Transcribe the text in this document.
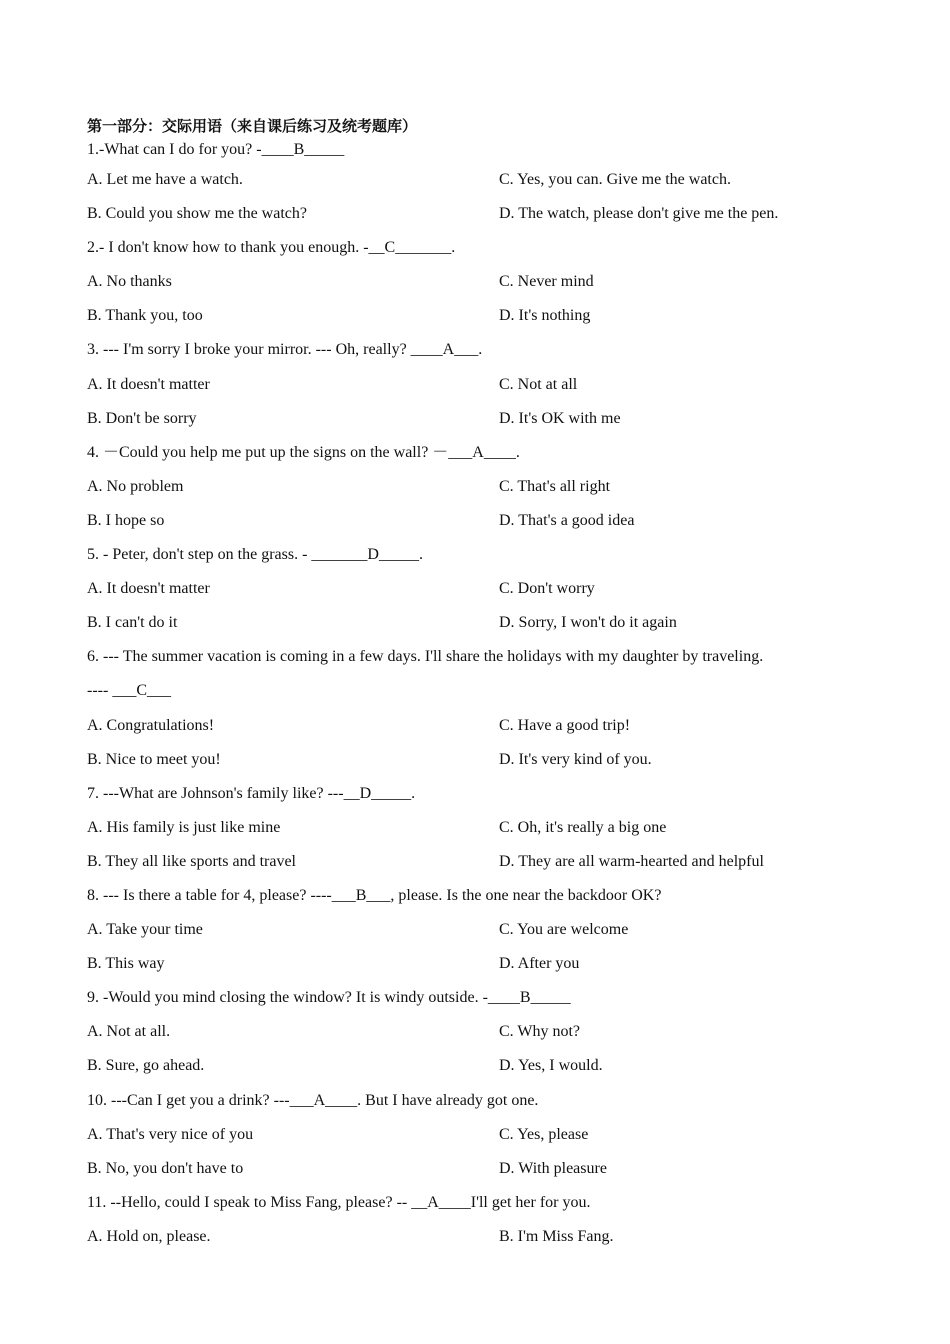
第一部分：交际用语（来自课后练习及统考题库）
1.-What can I do for you? -____B_____
A. Let me have a watch.	C. Yes, you can. Give me the watch.
B. Could you show me the watch?	D. The watch, please don't give me the pen.
2.- I don't know how to thank you enough. -__C_______.
A. No thanks	C. Never mind
B. Thank you, too	D. It's nothing
3. --- I'm sorry I broke your mirror. --- Oh, really? ____A___.
A. It doesn't matter	C. Not at all
B. Don't be sorry	D. It's OK with me
4. －Could you help me put up the signs on the wall? －___A____.
A. No problem	C. That's all right
B. I hope so	D. That's a good idea
5. - Peter, don't step on the grass. - _______D_____.
A. It doesn't matter	C. Don't worry
B. I can't do it	D. Sorry, I won't do it again
6. --- The summer vacation is coming in a few days. I'll share the holidays with my daughter by traveling.
---- ___C___
A. Congratulations!	C. Have a good trip!
B. Nice to meet you!	D. It's very kind of you.
7. ---What are Johnson's family like? ---__D_____.
A. His family is just like mine	C. Oh, it's really a big one
B. They all like sports and travel	D. They are all warm-hearted and helpful
8. --- Is there a table for 4, please? ----___B___, please. Is the one near the backdoor OK?
A. Take your time	C. You are welcome
B. This way	D. After you
9. -Would you mind closing the window? It is windy outside. -____B_____
A. Not at all.	C. Why not?
B. Sure, go ahead.	D. Yes, I would.
10. ---Can I get you a drink? ---___A____. But I have already got one.
A. That's very nice of you	C. Yes, please
B. No, you don't have to	D. With pleasure
11. --Hello, could I speak to Miss Fang, please? -- __A____I'll get her for you.
A. Hold on, please.	B. I'm Miss Fang.
